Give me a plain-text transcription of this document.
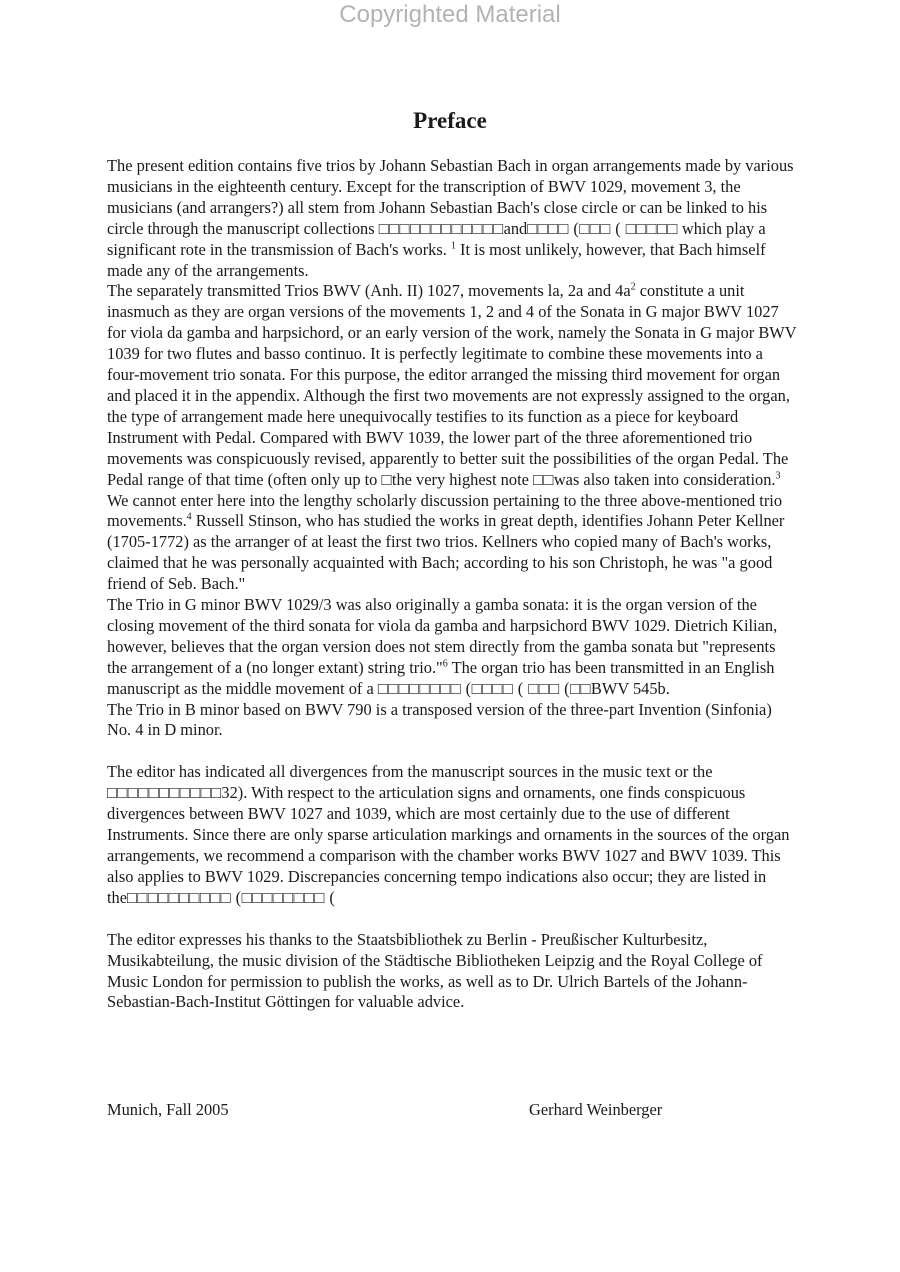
Copyrighted Material
Preface

The present edition contains five trios by Johann Sebastian Bach in organ arrangements made by various musicians in the eighteenth century. Except for the transcription of BWV 1029, movement 3, the musicians (and arrangers?) all stem from Johann Sebastian Bach's close circle or can be linked to his circle through the manuscript collections □□□□□□□□□□□□and□□□□ (□□□ ( □□□□□ which play a significant rote in the transmission of Bach's works. $^1$ It is most unlikely, however, that Bach himself made any of the arrangements.

The separately transmitted Trios BWV (Anh. II) 1027, movements la, 2a and $4a^2$ constitute a unit inasmuch as they are organ versions of the movements 1, 2 and 4 of the Sonata in G major BWV 1027 for viola da gamba and harpsichord, or an early version of the work, namely the Sonata in G major BWV 1039 for two flutes and basso continuo. It is perfectly legitimate to combine these movements into a four-movement trio sonata. For this purpose, the editor arranged the missing third movement for organ and placed it in the appendix. Although the first two movements are not expressly assigned to the organ, the type of arrangement made here unequivocally testifies to its function as a piece for keyboard Instrument with Pedal. Compared with BWV 1039, the lower part of the three aforementioned trio movements was conspicuously revised, apparently to better suit the possibilities of the organ Pedal. The Pedal range of that time (often only up to □the very highest note □□was also taken into consideration.$^3$

We cannot enter here into the lengthy scholarly discussion pertaining to the three above-mentioned trio movements.$^4$ Russell Stinson, who has studied the works in great depth, identifies Johann Peter Kellner (1705-1772) as the arranger of at least the first two trios. Kellners who copied many of Bach's works, claimed that he was personally acquainted with Bach; according to his son Christoph, he was "a good friend of Seb. Bach."

The Trio in G minor BWV 1029/3 was also originally a gamba sonata: it is the organ version of the closing movement of the third sonata for viola da gamba and harpsichord BWV 1029. Dietrich Kilian, however, believes that the organ version does not stem directly from the gamba sonata but "represents the arrangement of a (no longer extant) string trio."$^6$ The organ trio has been transmitted in an English manuscript as the middle movement of a □□□□□□□□ (□□□□ ( □□□ (□□BWV 545b.

The Trio in B minor based on BWV 790 is a transposed version of the three-part Invention (Sinfonia) No. 4 in D minor.

The editor has indicated all divergences from the manuscript sources in the music text or the □□□□□□□□□□□32). With respect to the articulation signs and ornaments, one finds conspicuous divergences between BWV 1027 and 1039, which are most certainly due to the use of different Instruments. Since there are only sparse articulation markings and ornaments in the sources of the organ arrangements, we recommend a comparison with the chamber works BWV 1027 and BWV 1039. This also applies to BWV 1029. Discrepancies concerning tempo indications also occur; they are listed in the□□□□□□□□□□ (□□□□□□□□ (

The editor expresses his thanks to the Staatsbibliothek zu Berlin - Preußischer Kulturbesitz, Musikabteilung, the music division of the Städtische Bibliotheken Leipzig and the Royal College of Music London for permission to publish the works, as well as to Dr. Ulrich Bartels of the Johann-Sebastian-Bach-Institut Göttingen for valuable advice.

Munich, Fall 2005	Gerhard Weinberger
